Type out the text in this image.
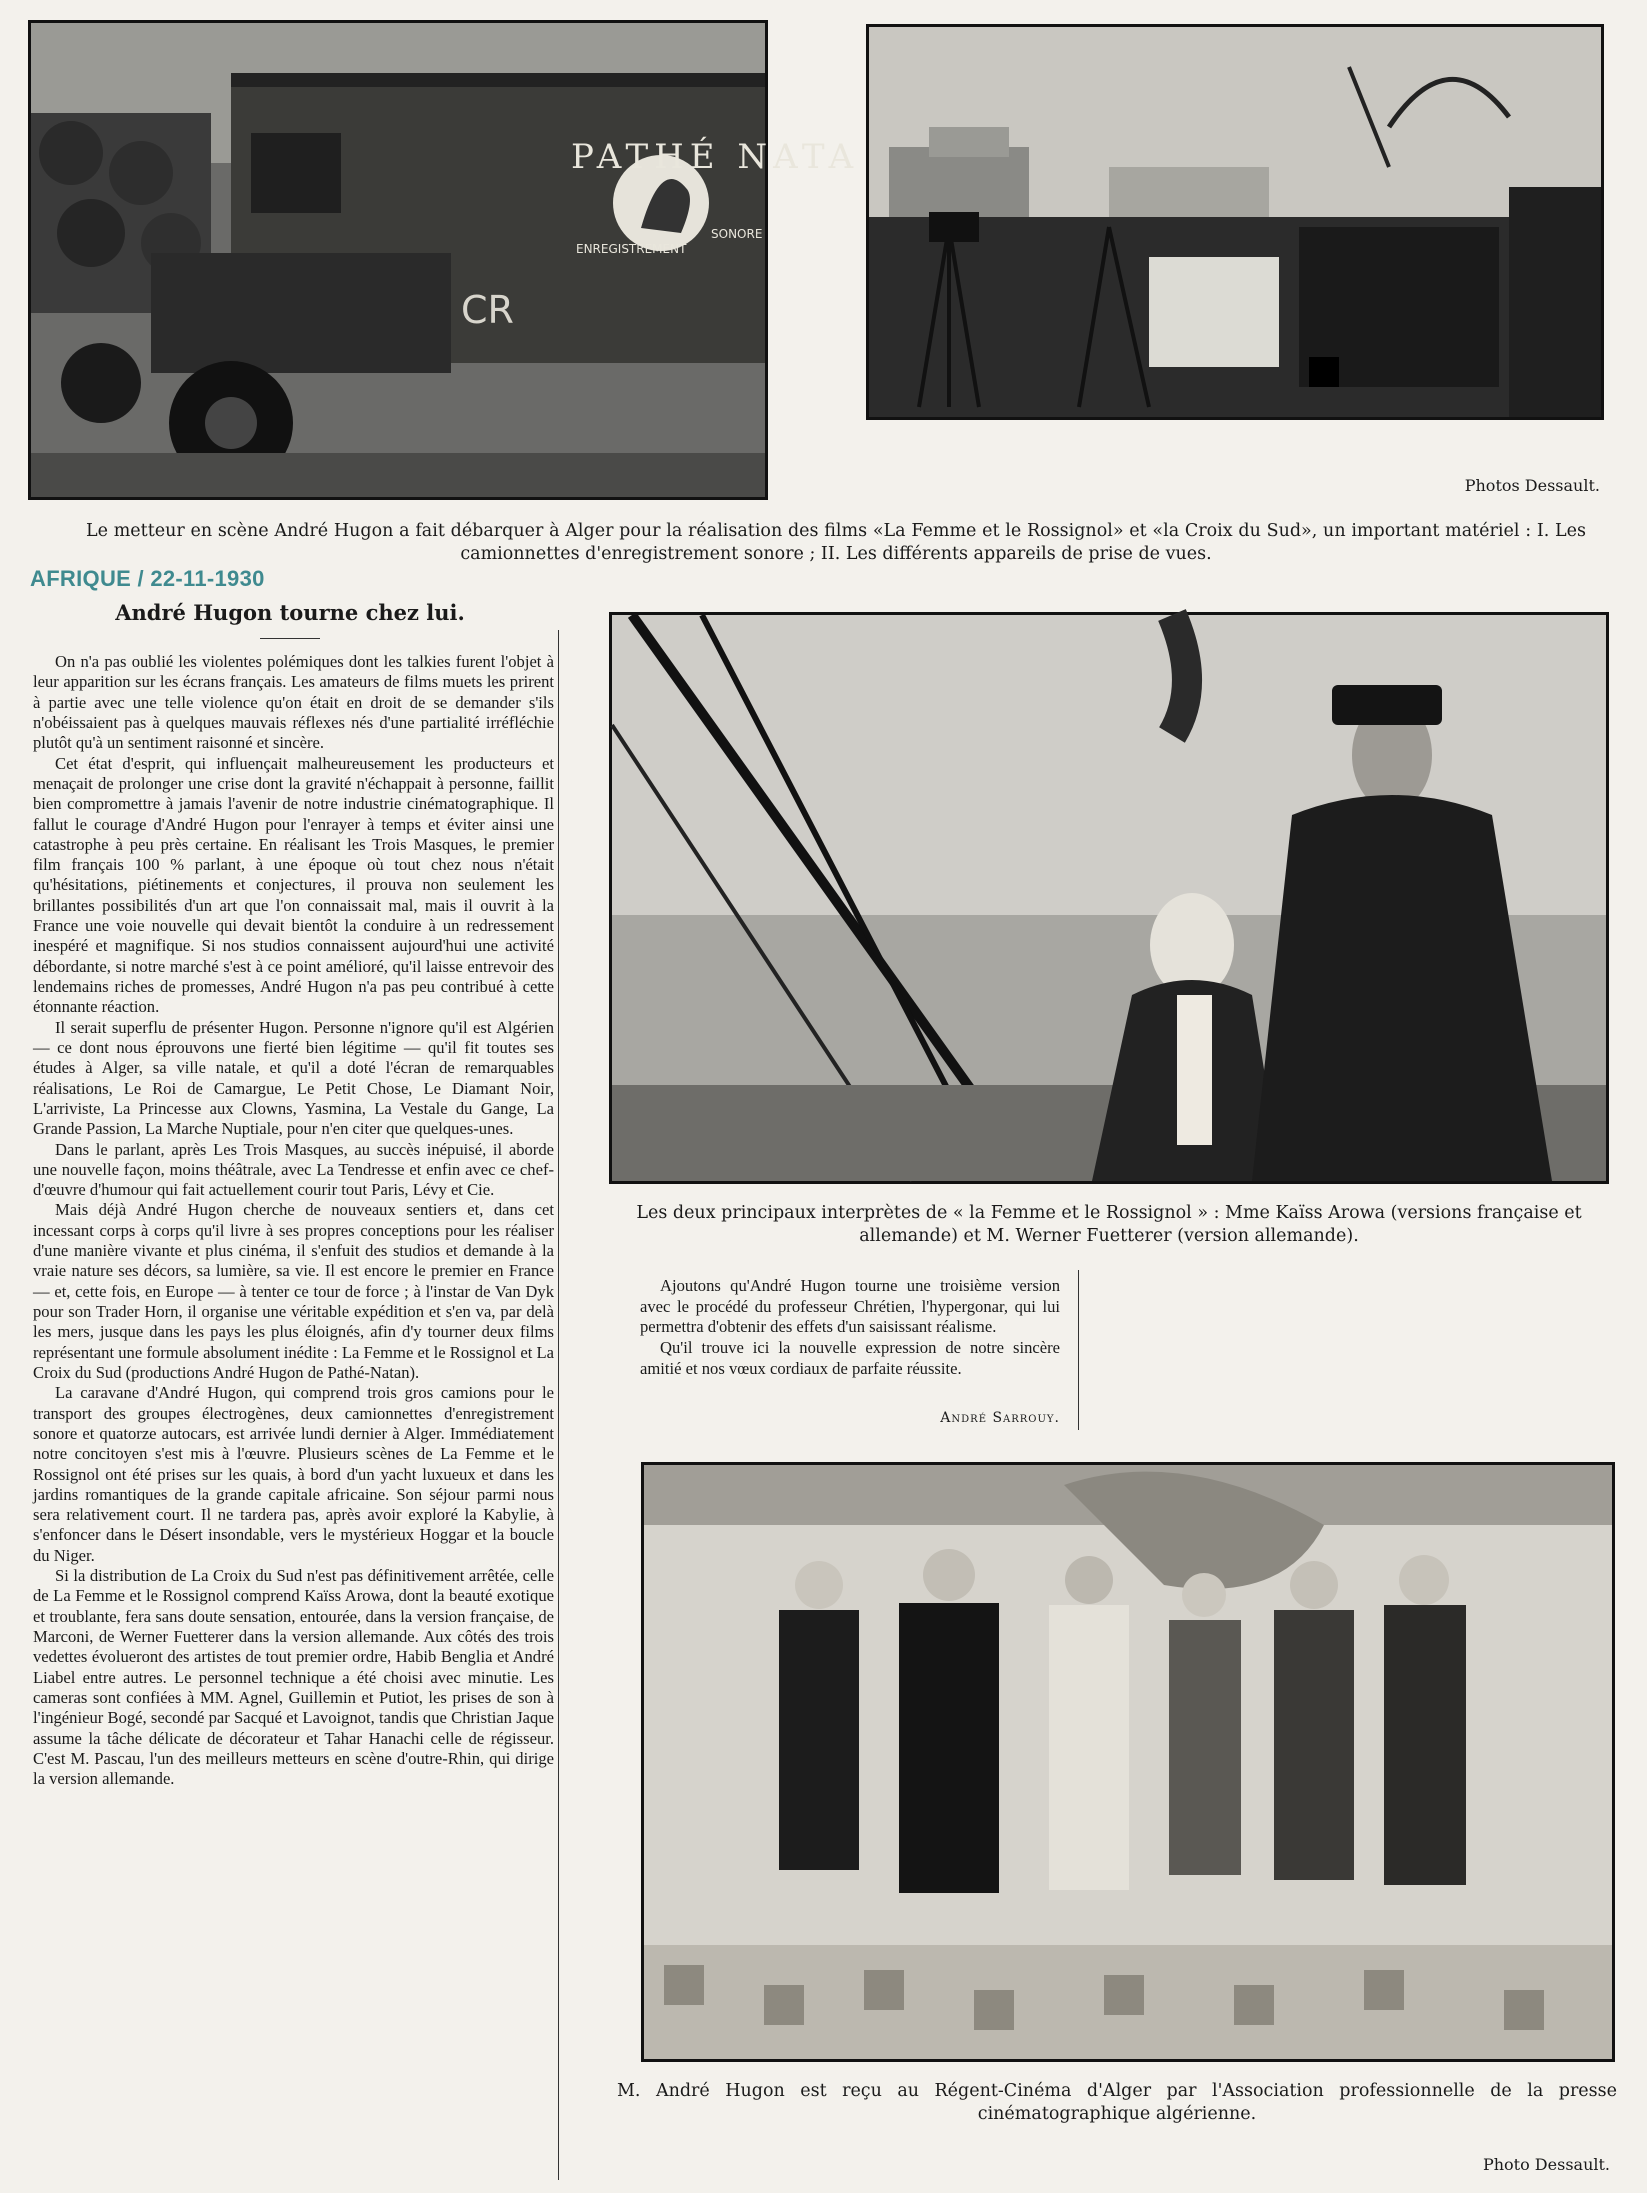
PATHÉ NATA
ENREGISTREMENT
SONORE
CR
Photos Dessault.
Le metteur en scène André Hugon a fait débarquer à Alger pour la réalisation des films «La Femme et le Rossignol» et «la Croix du Sud», un important matériel : I. Les camionnettes d'enregistrement sonore ; II. Les différents appareils de prise de vues.
AFRIQUE / 22-11-1930
André Hugon tourne chez lui.

On n'a pas oublié les violentes polémiques dont les talkies furent l'objet à leur apparition sur les écrans français. Les amateurs de films muets les prirent à partie avec une telle violence qu'on était en droit de se demander s'ils n'obéissaient pas à quelques mauvais réflexes nés d'une partialité irréfléchie plutôt qu'à un sentiment raisonné et sincère.

Cet état d'esprit, qui influençait malheureusement les producteurs et menaçait de prolonger une crise dont la gravité n'échappait à personne, faillit bien compromettre à jamais l'avenir de notre industrie cinématographique. Il fallut le courage d'André Hugon pour l'enrayer à temps et éviter ainsi une catastrophe à peu près certaine. En réalisant les Trois Masques, le premier film français 100 % parlant, à une époque où tout chez nous n'était qu'hésitations, piétinements et conjectures, il prouva non seulement les brillantes possibilités d'un art que l'on connaissait mal, mais il ouvrit à la France une voie nouvelle qui devait bientôt la conduire à un redressement inespéré et magnifique. Si nos studios connaissent aujourd'hui une activité débordante, si notre marché s'est à ce point amélioré, qu'il laisse entrevoir des lendemains riches de promesses, André Hugon n'a pas peu contribué à cette étonnante réaction.

Il serait superflu de présenter Hugon. Personne n'ignore qu'il est Algérien — ce dont nous éprouvons une fierté bien légitime — qu'il fit toutes ses études à Alger, sa ville natale, et qu'il a doté l'écran de remarquables réalisations, Le Roi de Camargue, Le Petit Chose, Le Diamant Noir, L'arriviste, La Princesse aux Clowns, Yasmina, La Vestale du Gange, La Grande Passion, La Marche Nuptiale, pour n'en citer que quelques-unes.

Dans le parlant, après Les Trois Masques, au succès inépuisé, il aborde une nouvelle façon, moins théâtrale, avec La Tendresse et enfin avec ce chef-d'œuvre d'humour qui fait actuellement courir tout Paris, Lévy et Cie.

Mais déjà André Hugon cherche de nouveaux sentiers et, dans cet incessant corps à corps qu'il livre à ses propres conceptions pour les réaliser d'une manière vivante et plus cinéma, il s'enfuit des studios et demande à la vraie nature ses décors, sa lumière, sa vie. Il est encore le premier en France — et, cette fois, en Europe — à tenter ce tour de force ; à l'instar de Van Dyk pour son Trader Horn, il organise une véritable expédition et s'en va, par delà les mers, jusque dans les pays les plus éloignés, afin d'y tourner deux films représentant une formule absolument inédite : La Femme et le Rossignol et La Croix du Sud (productions André Hugon de Pathé-Natan).

La caravane d'André Hugon, qui comprend trois gros camions pour le transport des groupes électrogènes, deux camionnettes d'enregistrement sonore et quatorze autocars, est arrivée lundi dernier à Alger. Immédiatement notre concitoyen s'est mis à l'œuvre. Plusieurs scènes de La Femme et le Rossignol ont été prises sur les quais, à bord d'un yacht luxueux et dans les jardins romantiques de la grande capitale africaine. Son séjour parmi nous sera relativement court. Il ne tardera pas, après avoir exploré la Kabylie, à s'enfoncer dans le Désert insondable, vers le mystérieux Hoggar et la boucle du Niger.

Si la distribution de La Croix du Sud n'est pas définitivement arrêtée, celle de La Femme et le Rossignol comprend Kaïss Arowa, dont la beauté exotique et troublante, fera sans doute sensation, entourée, dans la version française, de Marconi, de Werner Fuetterer dans la version allemande. Aux côtés des trois vedettes évolueront des artistes de tout premier ordre, Habib Benglia et André Liabel entre autres. Le personnel technique a été choisi avec minutie. Les cameras sont confiées à MM. Agnel, Guillemin et Putiot, les prises de son à l'ingénieur Bogé, secondé par Sacqué et Lavoignot, tandis que Christian Jaque assume la tâche délicate de décorateur et Tahar Hanachi celle de régisseur. C'est M. Pascau, l'un des meilleurs metteurs en scène d'outre-Rhin, qui dirige la version allemande.

Les deux principaux interprètes de « la Femme et le Rossignol » : Mme Kaïss Arowa (versions française et allemande) et M. Werner Fuetterer (version allemande).

Ajoutons qu'André Hugon tourne une troisième version avec le procédé du professeur Chrétien, l'hypergonar, qui lui permettra d'obtenir des effets d'un saisissant réalisme.

Qu'il trouve ici la nouvelle expression de notre sincère amitié et nos vœux cordiaux de parfaite réussite.

André Sarrouy.
M. André Hugon est reçu au Régent-Cinéma d'Alger par l'Association professionnelle de la presse cinématographique algérienne.
Photo Dessault.
